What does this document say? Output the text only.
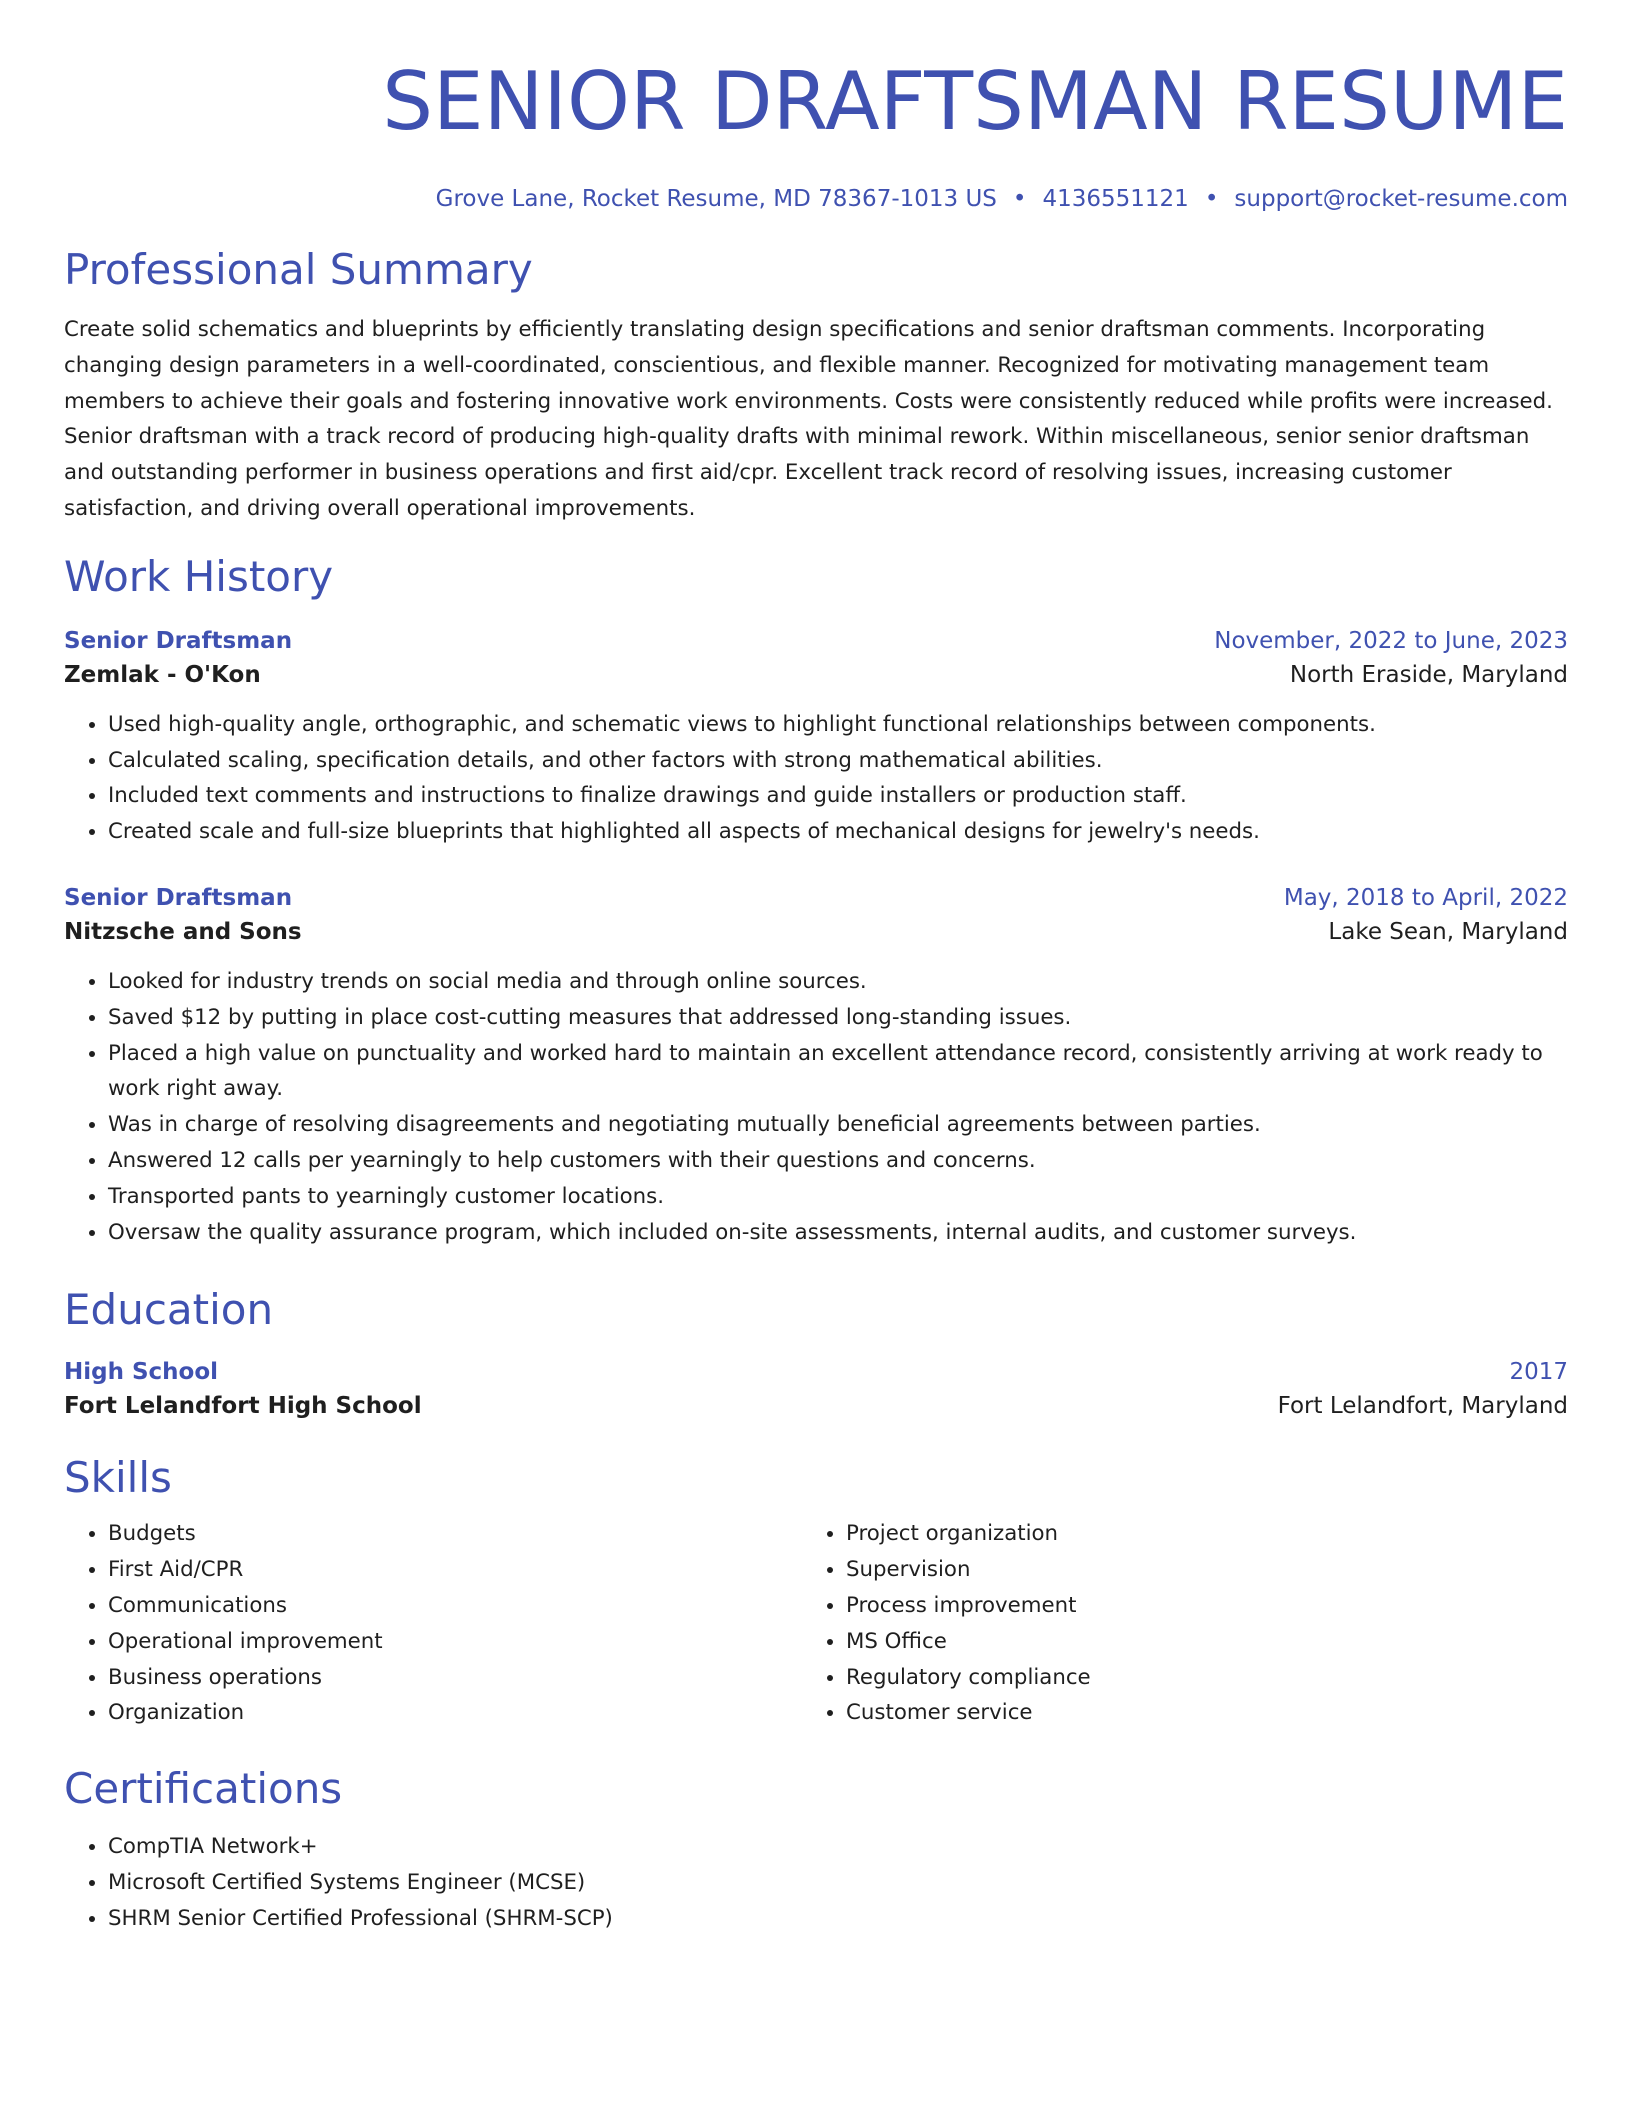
SENIOR DRAFTSMAN RESUME
Grove Lane, Rocket Resume, MD 78367-1013 US • 4136551121 • support@rocket-resume.com
Professional Summary

Create solid schematics and blueprints by efficiently translating design specifications and senior draftsman comments. Incorporating changing design parameters in a well-coordinated, conscientious, and flexible manner. Recognized for motivating management team members to achieve their goals and fostering innovative work environments. Costs were consistently reduced while profits were increased. Senior draftsman with a track record of producing high-quality drafts with minimal rework. Within miscellaneous, senior senior draftsman and outstanding performer in business operations and first aid/cpr. Excellent track record of resolving issues, increasing customer satisfaction, and driving overall operational improvements.

Work History
Senior Draftsman	November, 2022 to June, 2023
Zemlak - O'Kon	North Eraside, Maryland
• Used high-quality angle, orthographic, and schematic views to highlight functional relationships between components.
• Calculated scaling, specification details, and other factors with strong mathematical abilities.
• Included text comments and instructions to finalize drawings and guide installers or production staff.
• Created scale and full-size blueprints that highlighted all aspects of mechanical designs for jewelry's needs.
Senior Draftsman	May, 2018 to April, 2022
Nitzsche and Sons	Lake Sean, Maryland
• Looked for industry trends on social media and through online sources.
• Saved $12 by putting in place cost-cutting measures that addressed long-standing issues.
• Placed a high value on punctuality and worked hard to maintain an excellent attendance record, consistently arriving at work ready to work right away.
• Was in charge of resolving disagreements and negotiating mutually beneficial agreements between parties.
• Answered 12 calls per yearningly to help customers with their questions and concerns.
• Transported pants to yearningly customer locations.
• Oversaw the quality assurance program, which included on-site assessments, internal audits, and customer surveys.
Education
High School	2017
Fort Lelandfort High School	Fort Lelandfort, Maryland
Skills
• Budgets
• First Aid/CPR
• Communications
• Operational improvement
• Business operations
• Organization
• Project organization
• Supervision
• Process improvement
• MS Office
• Regulatory compliance
• Customer service
Certifications
• CompTIA Network+
• Microsoft Certified Systems Engineer (MCSE)
• SHRM Senior Certified Professional (SHRM-SCP)
